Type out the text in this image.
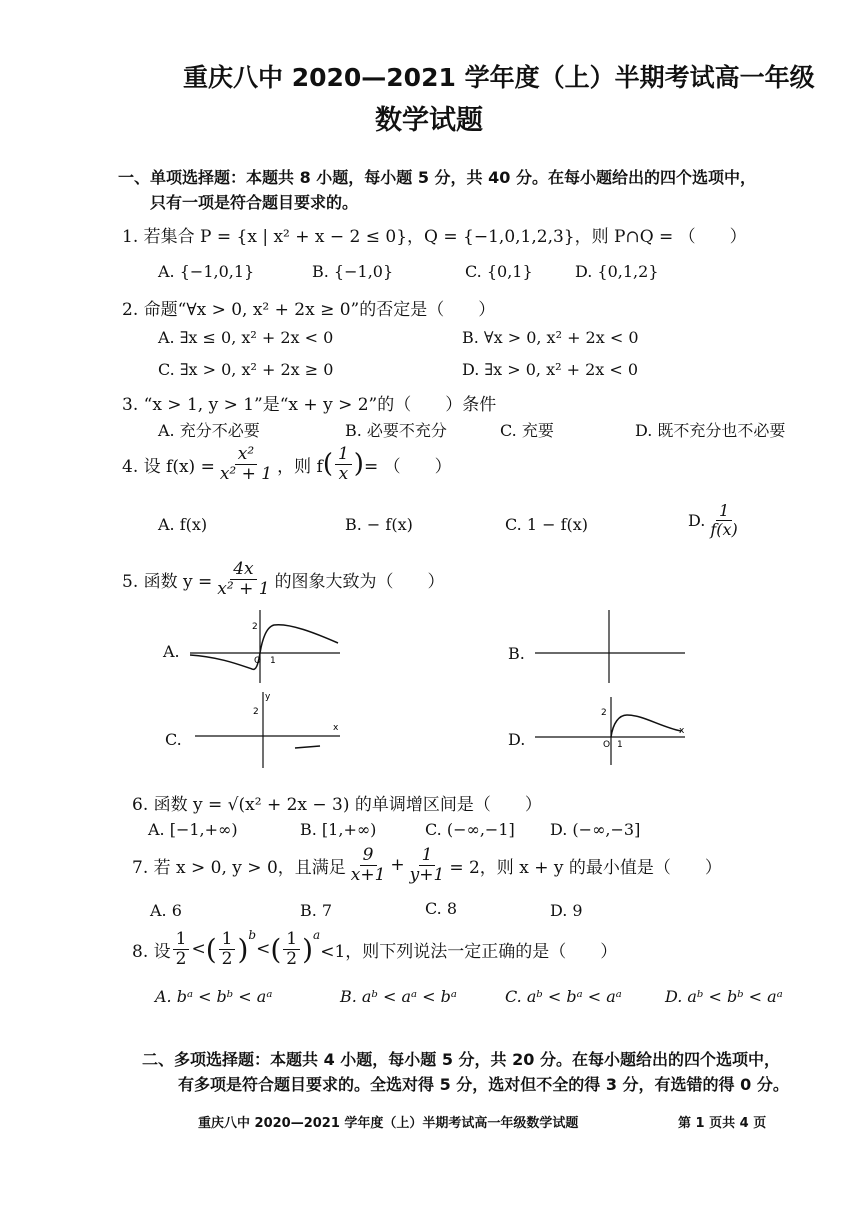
重庆八中 2020—2021 学年度（上）半期考试高一年级
数学试题
一、单项选择题：本题共 8 小题，每小题 5 分，共 40 分。在每小题给出的四个选项中，
只有一项是符合题目要求的。
1. 若集合 P = {x | x² + x − 2 ≤ 0}，Q = {−1,0,1,2,3}，则 P∩Q = （　　）
A. {−1,0,1}	B. {−1,0}	C. {0,1}	D. {0,1,2}
2. 命题“∀x > 0, x² + 2x ≥ 0”的否定是（　　）
A. ∃x ≤ 0, x² + 2x < 0	B. ∀x > 0, x² + 2x < 0
C. ∃x > 0, x² + 2x ≥ 0	D. ∃x > 0, x² + 2x < 0
3. “x > 1, y > 1”是“x + y > 2”的（　　）条件
A. 充分不必要	B. 必要不充分	C. 充要	D. 既不充分也不必要
4. 设 $f(x) = \frac{\text{x²}}{\text{x² + 1}}$ ，则 f ( $\frac{1}{x}$ ) = （　　）
A. f(x)	B. − f(x)	C. 1 − f(x)	D. $\frac{1}{f(x)}$
5. 函数 $y = \frac{4x}{\text{x² + 1}}$ 的图象大致为（　　）
A.	B.
C.	D.
2
1
O
y
2
x
2
1
O
x
6. 函数 y = √(x² + 2x − 3) 的单调增区间是（　　）
A. [−1,+∞)	B. [1,+∞)	C. (−∞,−1] D. (−∞,−3]
7. 若 x > 0, y > 0，且满足 $\frac{9}{x+1} + \frac{1}{y+1} = 2$，则 x + y 的最小值是（　　）
A. 6	B. 7	C. 8	D. 9
8. 设 $\frac{1}{2}$ < ( $\frac{1}{2}$ ) b
< ( $\frac{1}{2}$ ) a
<1，则下列说法一定正确的是（　　）
A. bᵃ < bᵇ < aᵃ	B. aᵇ < aᵃ < bᵃ	C. aᵇ < bᵃ < aᵃ	D. aᵇ < bᵇ < aᵃ
二、多项选择题：本题共 4 小题，每小题 5 分，共 20 分。在每小题给出的四个选项中，
有多项是符合题目要求的。全选对得 5 分，选对但不全的得 3 分，有选错的得 0 分。
重庆八中 2020—2021 学年度（上）半期考试高一年级数学试题	第 1 页共 4 页
